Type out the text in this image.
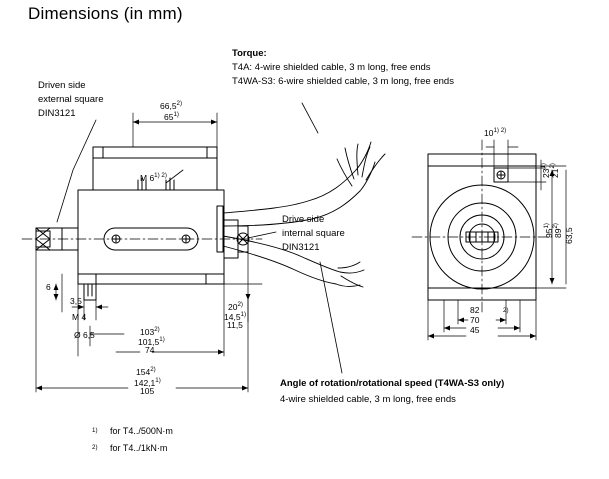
Dimensions (in mm)
Torque:
T4A: 4-wire shielded cable, 3 m long, free ends
T4WA-S3: 6-wire shielded cable, 3 m long, free ends
Driven side
external square
DIN3121
Drive side
internal square
DIN3121
Angle of rotation/rotational speed (T4WA-S3 only)
4-wire shielded cable, 3 m long, free ends
66,5$^{2)}$
65$^{1)}$
M $6^{1) 2)}$
6
3,5
M 4
Ø 6,5	103$^{2)}$
101,5$^{1)}$
74
154$^{2)}$
142,1$^{1)}$
105
20$^{2)}$
14,5$^{1)}$
11,5
$10^{1) 2)}$
23$^{1)}$
21$^{2)}$
95$^{1)}$
89$^{2)}$
63,5
82
70
$^{2)}$
45
$^{1)}$ for T4../500N·m
$^{2)}$ for T4../1kN·m
